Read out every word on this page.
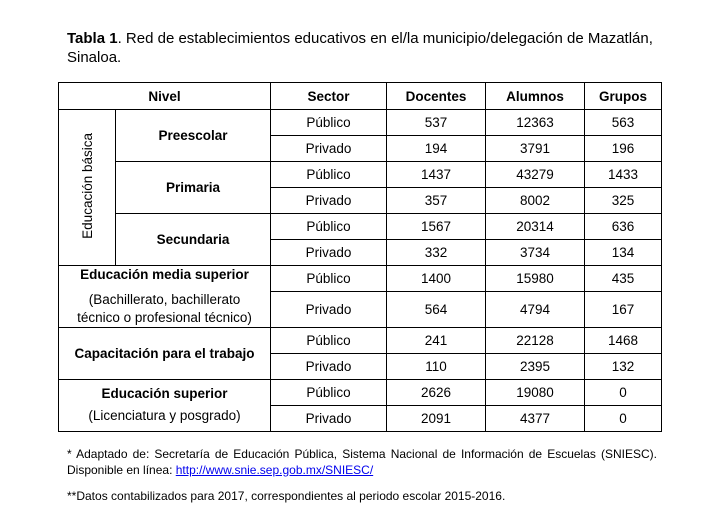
Tabla 1. Red de establecimientos educativos en el/la municipio/delegación de Mazatlán, Sinaloa.
Nivel		Sector	Docentes	Alumnos	Grupos
Educación básica	Preescolar	Público	537	12363	563
		Privado	194	3791	196
	Primaria	Público	1437	43279	1433
		Privado	357	8002	325
	Secundaria	Público	1567	20314	636
		Privado	332	3734	134

Educación media superior
(Bachillerato, bachillerato técnico o profesional técnico)		Público	1400	15980	435
		Privado	564	4794	167
Capacitación para el trabajo		Público	241	22128	1468
		Privado	110	2395	132

Educación superior
(Licenciatura y posgrado)		Público	2626	19080	0
		Privado	2091	4377	0

* Adaptado de: Secretaría de Educación Pública, Sistema Nacional de Información de Escuelas (SNIESC). Disponible en línea: http://www.snie.sep.gob.mx/SNIESC/

**Datos contabilizados para 2017, correspondientes al periodo escolar 2015-2016.
